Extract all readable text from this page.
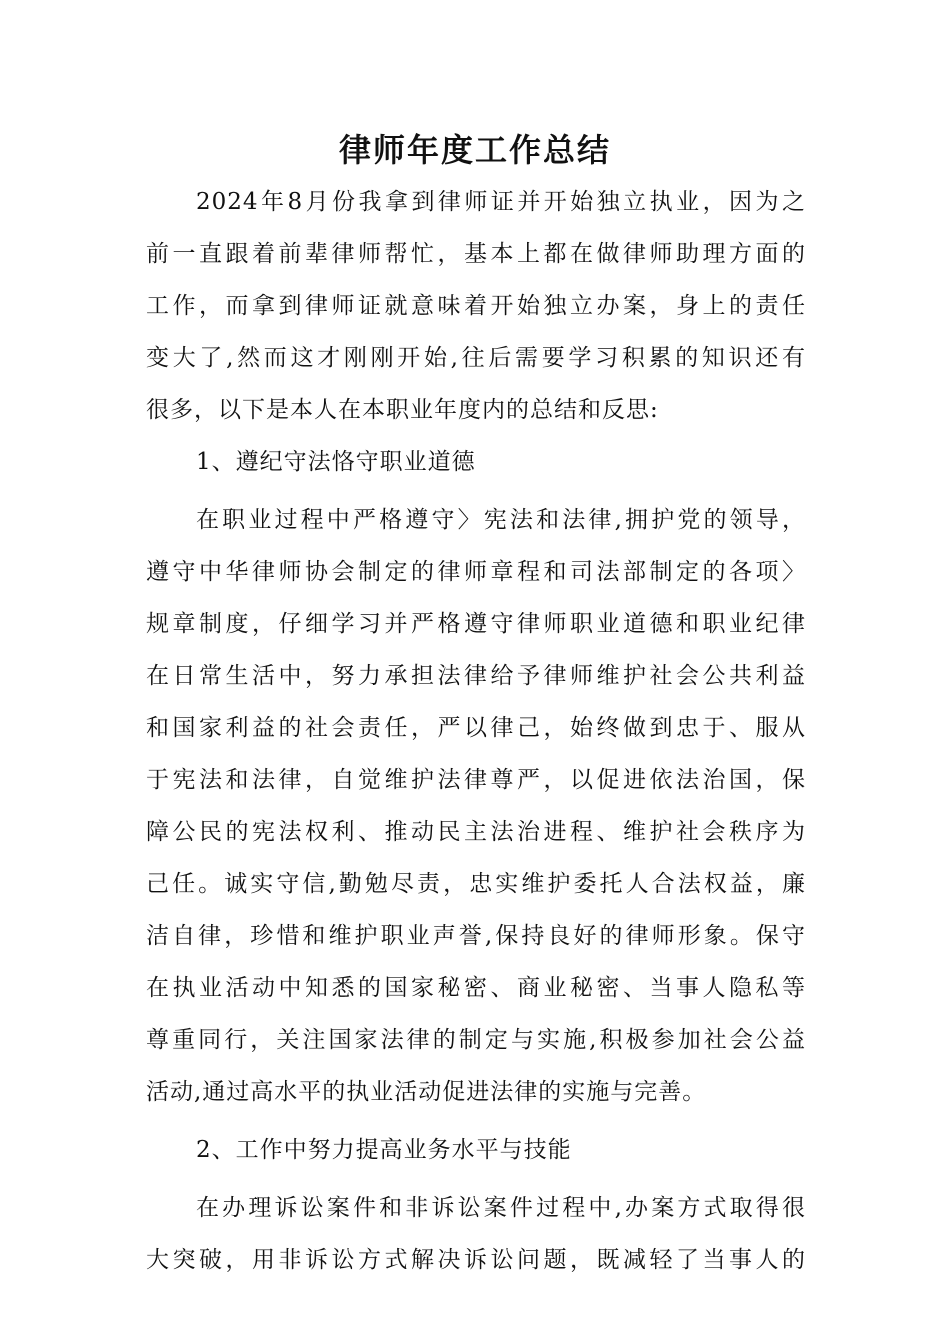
律师年度工作总结
2024年8月份我拿到律师证并开始独立执业，因为之
前一直跟着前辈律师帮忙，基本上都在做律师助理方面的
工作，而拿到律师证就意味着开始独立办案，身上的责任
变大了,然而这才刚刚开始,往后需要学习积累的知识还有
很多，以下是本人在本职业年度内的总结和反思:
1、遵纪守法恪守职业道德
在职业过程中严格遵守〉宪法和法律,拥护党的领导，
遵守中华律师协会制定的律师章程和司法部制定的各项〉
规章制度，仔细学习并严格遵守律师职业道德和职业纪律
在日常生活中，努力承担法律给予律师维护社会公共利益
和国家利益的社会责任，严以律己，始终做到忠于、服从
于宪法和法律，自觉维护法律尊严，以促进依法治国，保
障公民的宪法权利、推动民主法治进程、维护社会秩序为
己任。诚实守信,勤勉尽责，忠实维护委托人合法权益，廉
洁自律，珍惜和维护职业声誉,保持良好的律师形象。保守
在执业活动中知悉的国家秘密、商业秘密、当事人隐私等
尊重同行，关注国家法律的制定与实施,积极参加社会公益
活动,通过高水平的执业活动促进法律的实施与完善。
2、工作中努力提高业务水平与技能
在办理诉讼案件和非诉讼案件过程中,办案方式取得很
大突破，用非诉讼方式解决诉讼问题，既减轻了当事人的
